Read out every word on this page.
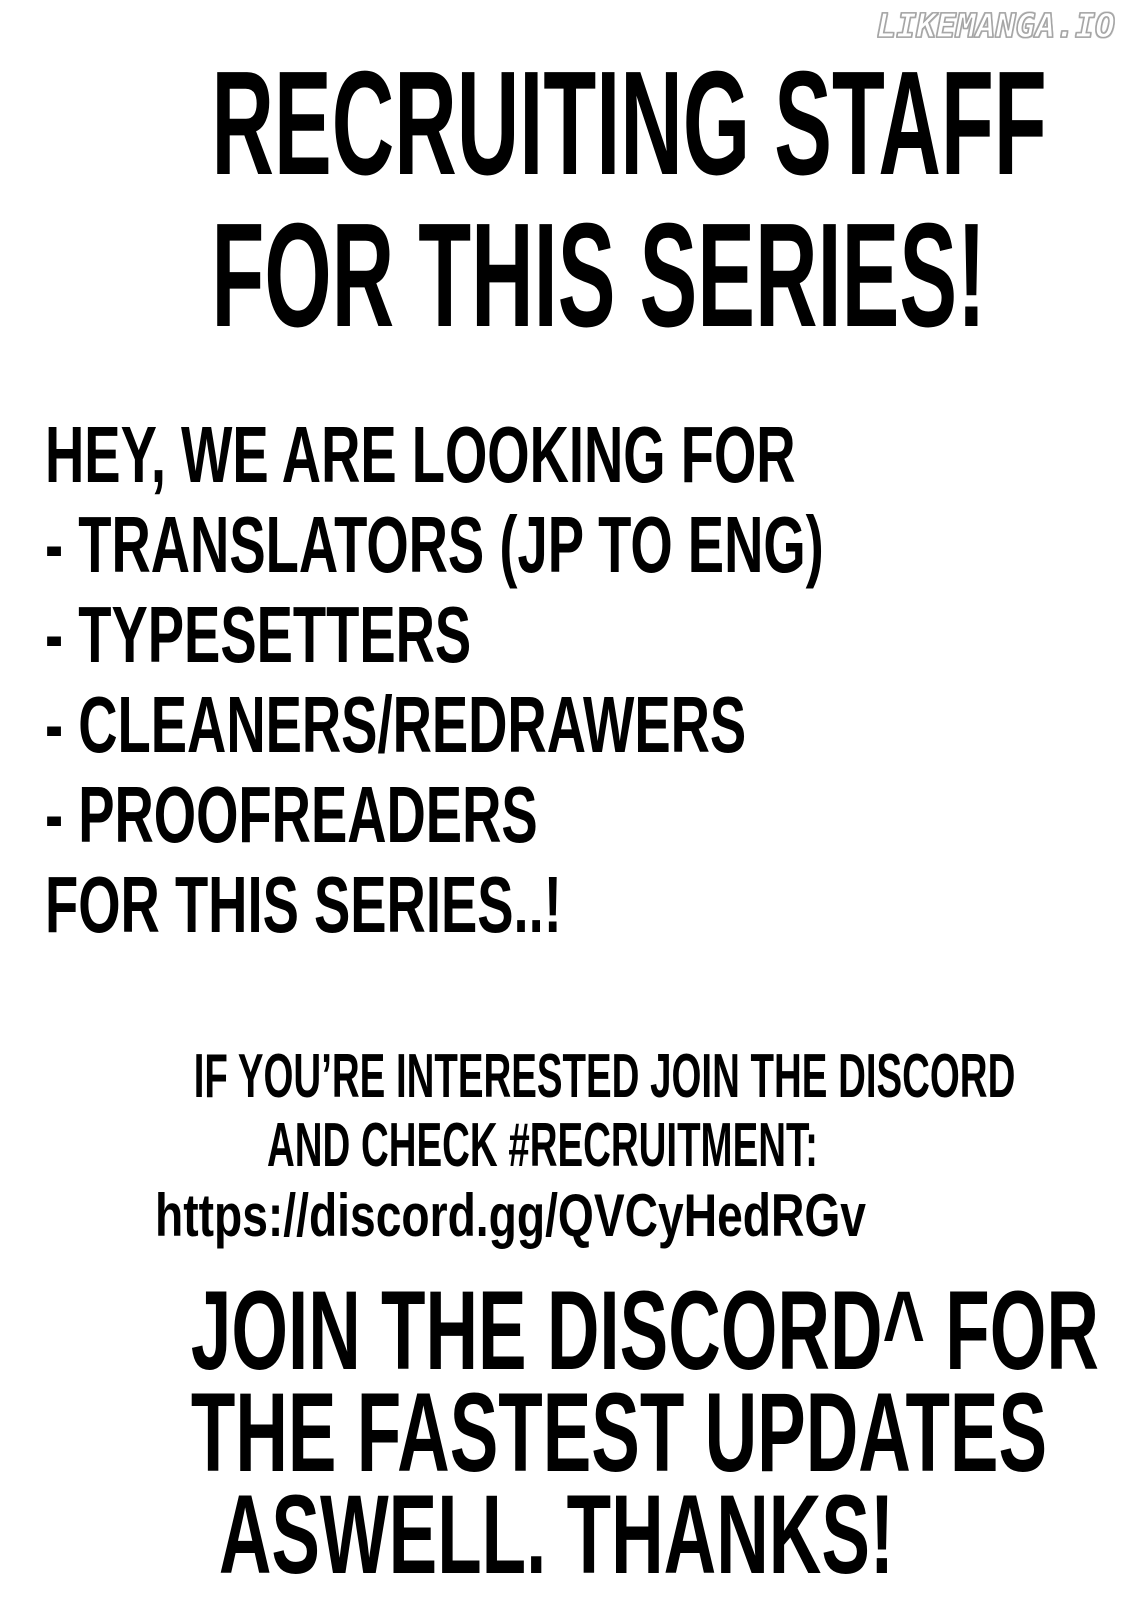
LIKEMANGA.IO
RECRUITING STAFF
FOR THIS SERIES!
HEY, WE ARE LOOKING FOR
- TRANSLATORS (JP TO ENG)
- TYPESETTERS
- CLEANERS/REDRAWERS
- PROOFREADERS
FOR THIS SERIES..!
IF YOU’RE INTERESTED JOIN THE DISCORD
AND CHECK #RECRUITMENT:
https://discord.gg/QVCyHedRGv
JOIN THE DISCORD^ FOR
THE FASTEST UPDATES
ASWELL. THANKS!
